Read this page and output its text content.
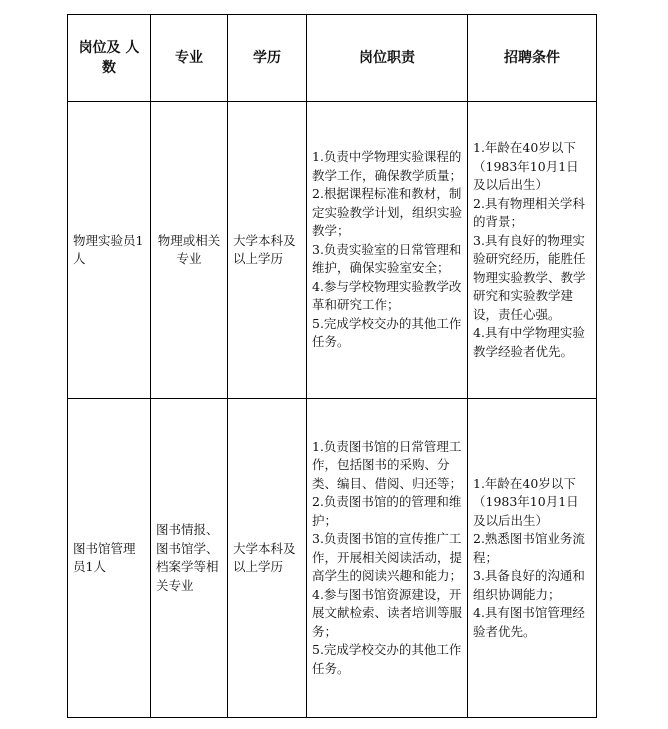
岗位及 人数	专业	学历	岗位职责	招聘条件
物理实验员1人	物理或相关专业	大学本科及以上学历	1.负责中学物理实验课程的教学工作，确保教学质量；
2.根据课程标准和教材，制定实验教学计划，组织实验教学；
3.负责实验室的日常管理和维护，确保实验室安全；
4.参与学校物理实验教学改革和研究工作；
5.完成学校交办的其他工作任务。	1.年龄在40岁以下（1983年10月1日及以后出生）
2.具有物理相关学科的背景；
3.具有良好的物理实验研究经历，能胜任物理实验教学、教学研究和实验教学建设，责任心强。
4.具有中学物理实验教学经验者优先。

图书馆管理员1人	图书情报、图书馆学、档案学等相关专业	大学本科及以上学历	1.负责图书馆的日常管理工作，包括图书的采购、分类、编目、借阅、归还等；
2.负责图书馆的的管理和维护；
3.负责图书馆的宣传推广工作，开展相关阅读活动，提高学生的阅读兴趣和能力；
4.参与图书馆资源建设，开展文献检索、读者培训等服务；
5.完成学校交办的其他工作任务。	1.年龄在40岁以下（1983年10月1日及以后出生）
2.熟悉图书馆业务流程；
3.具备良好的沟通和组织协调能力；
4.具有图书馆管理经验者优先。
